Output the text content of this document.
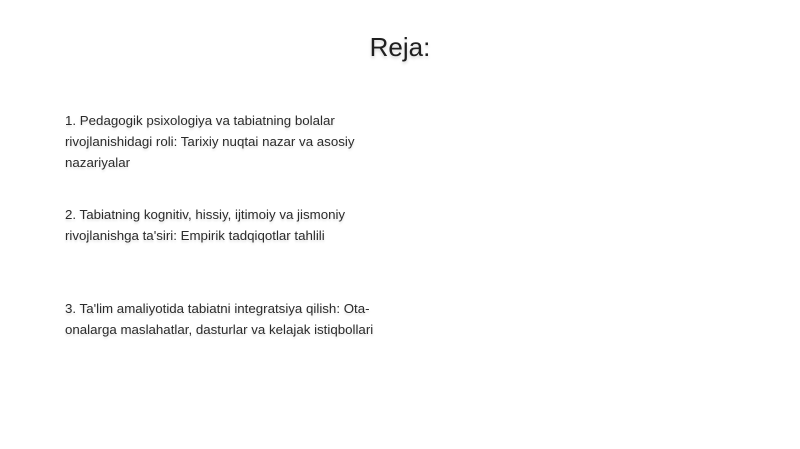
Reja:
1. Pedagogik psixologiya va tabiatning bolalar rivojlanishidagi roli: Tarixiy nuqtai nazar va asosiy nazariyalar
2. Tabiatning kognitiv, hissiy, ijtimoiy va jismoniy rivojlanishga ta'siri: Empirik tadqiqotlar tahlili
3. Ta'lim amaliyotida tabiatni integratsiya qilish: Ota-onalarga maslahatlar, dasturlar va kelajak istiqbollari
